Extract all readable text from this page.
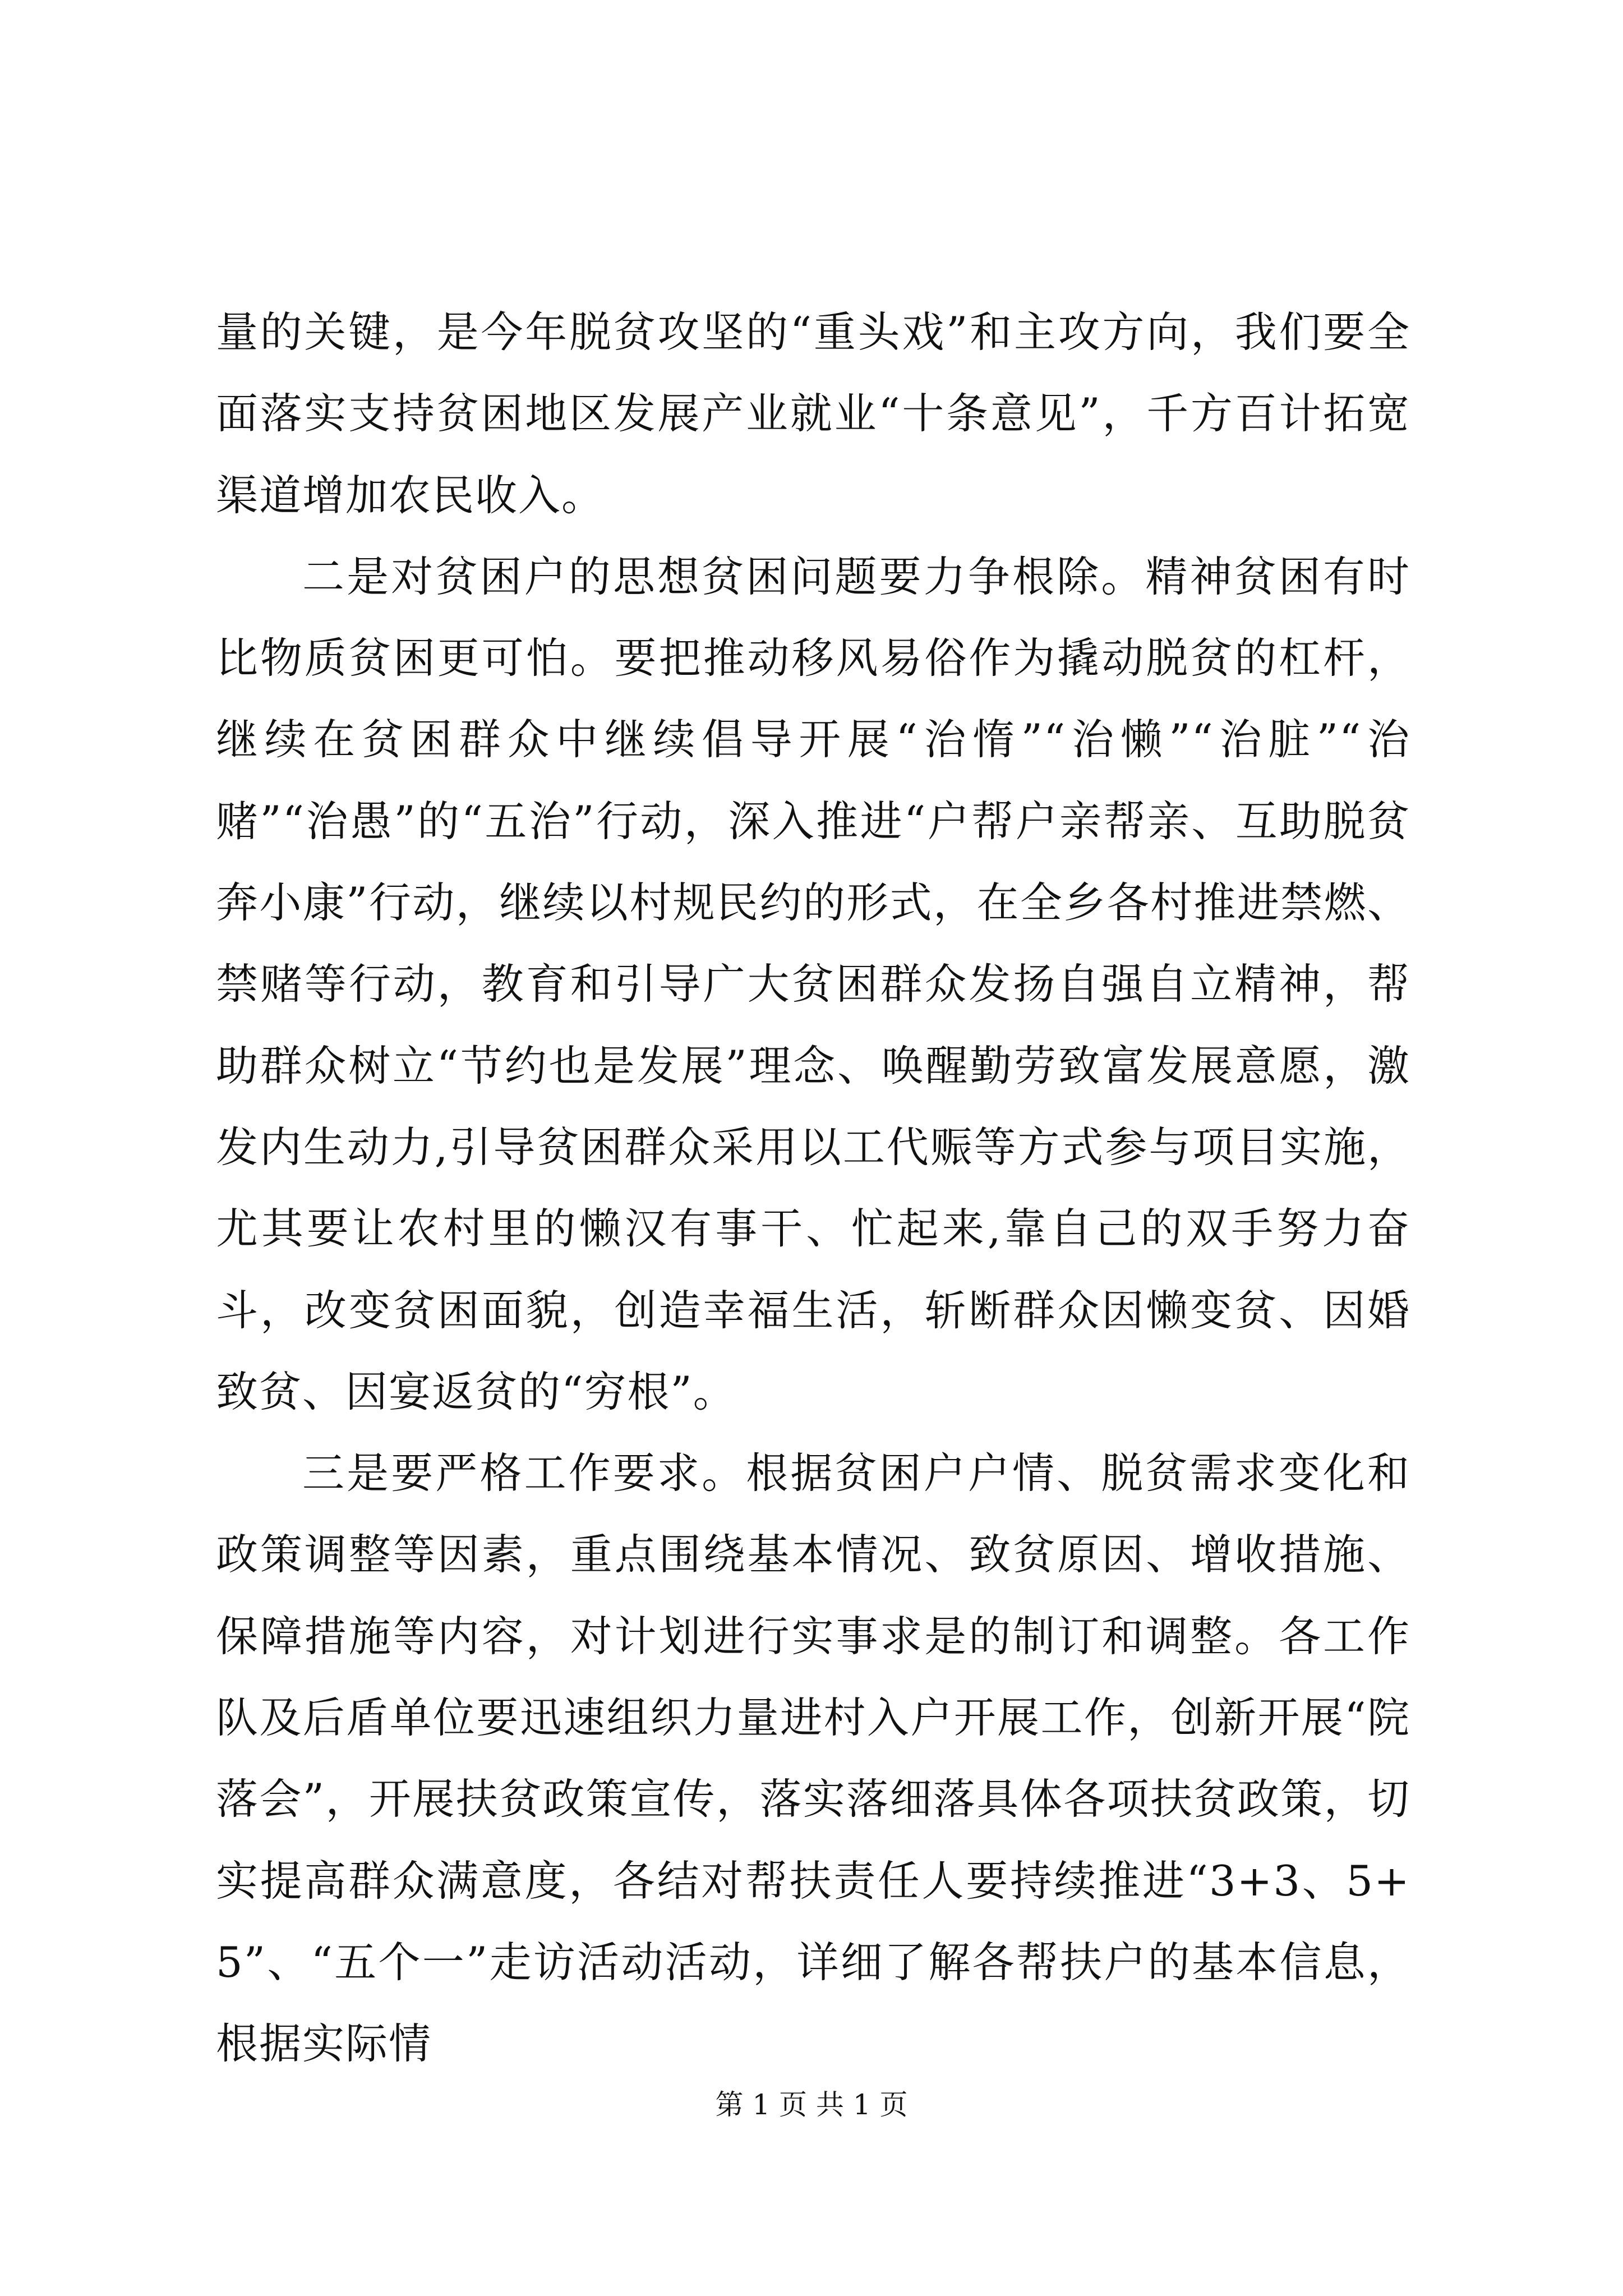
量的关键，是今年脱贫攻坚的“重头戏”和主攻方向，我们要全面落实支持贫困地区发展产业就业“十条意见”，千方百计拓宽渠道增加农民收入。

二是对贫困户的思想贫困问题要力争根除。精神贫困有时比物质贫困更可怕。要把推动移风易俗作为撬动脱贫的杠杆，继续在贫困群众中继续倡导开展“治惰”“治懒”“治脏”“治赌”“治愚”的“五治”行动，深入推进“户帮户亲帮亲、互助脱贫奔小康”行动，继续以村规民约的形式，在全乡各村推进禁燃、禁赌等行动，教育和引导广大贫困群众发扬自强自立精神，帮助群众树立“节约也是发展”理念、唤醒勤劳致富发展意愿，激发内生动力,引导贫困群众采用以工代赈等方式参与项目实施，尤其要让农村里的懒汉有事干、忙起来,靠自己的双手努力奋斗，改变贫困面貌，创造幸福生活，斩断群众因懒变贫、因婚致贫、因宴返贫的“穷根”。

三是要严格工作要求。根据贫困户户情、脱贫需求变化和政策调整等因素，重点围绕基本情况、致贫原因、增收措施、保障措施等内容，对计划进行实事求是的制订和调整。各工作队及后盾单位要迅速组织力量进村入户开展工作，创新开展“院落会”，开展扶贫政策宣传，落实落细落具体各项扶贫政策，切实提高群众满意度，各结对帮扶责任人要持续推进“3+3、5+5”、“五个一”走访活动活动，详细了解各帮扶户的基本信息，根据实际情

第 1 页 共 1 页
